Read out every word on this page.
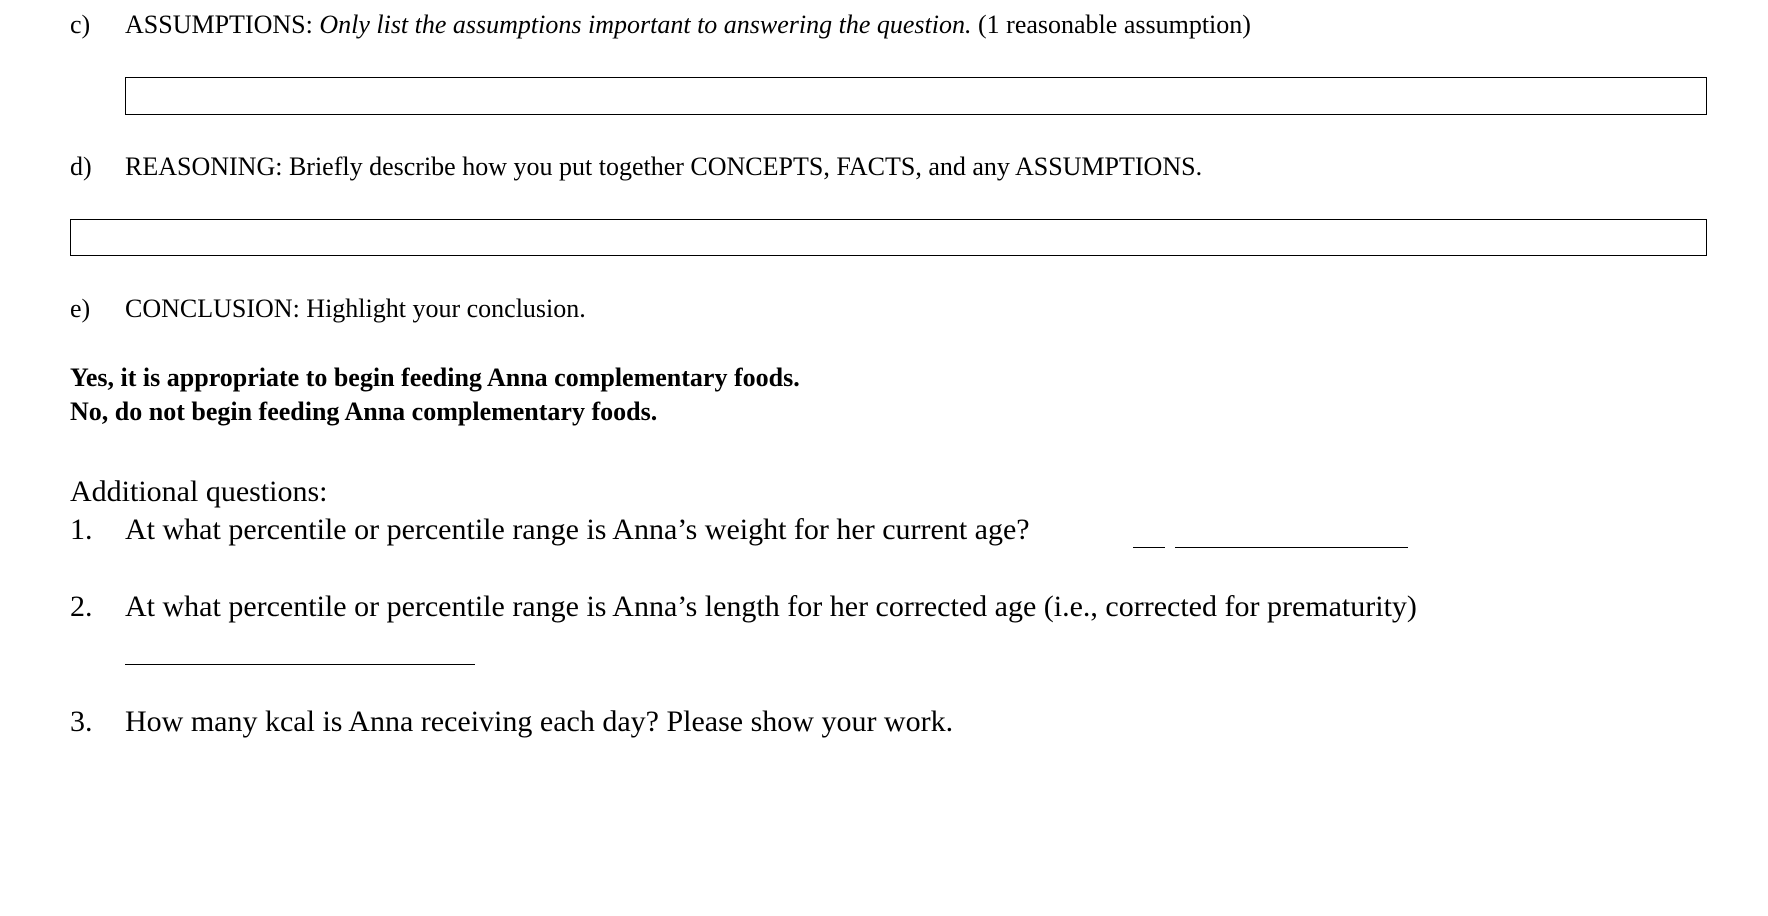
c) ASSUMPTIONS: Only list the assumptions important to answering the question. (1 reasonable assumption)
d) REASONING: Briefly describe how you put together CONCEPTS, FACTS, and any ASSUMPTIONS.
e) CONCLUSION: Highlight your conclusion.
Yes, it is appropriate to begin feeding Anna complementary foods.
No, do not begin feeding Anna complementary foods.
Additional questions:
1. At what percentile or percentile range is Anna’s weight for her current age?
2. At what percentile or percentile range is Anna’s length for her corrected age (i.e., corrected for prematurity)
3. How many kcal is Anna receiving each day? Please show your work.
